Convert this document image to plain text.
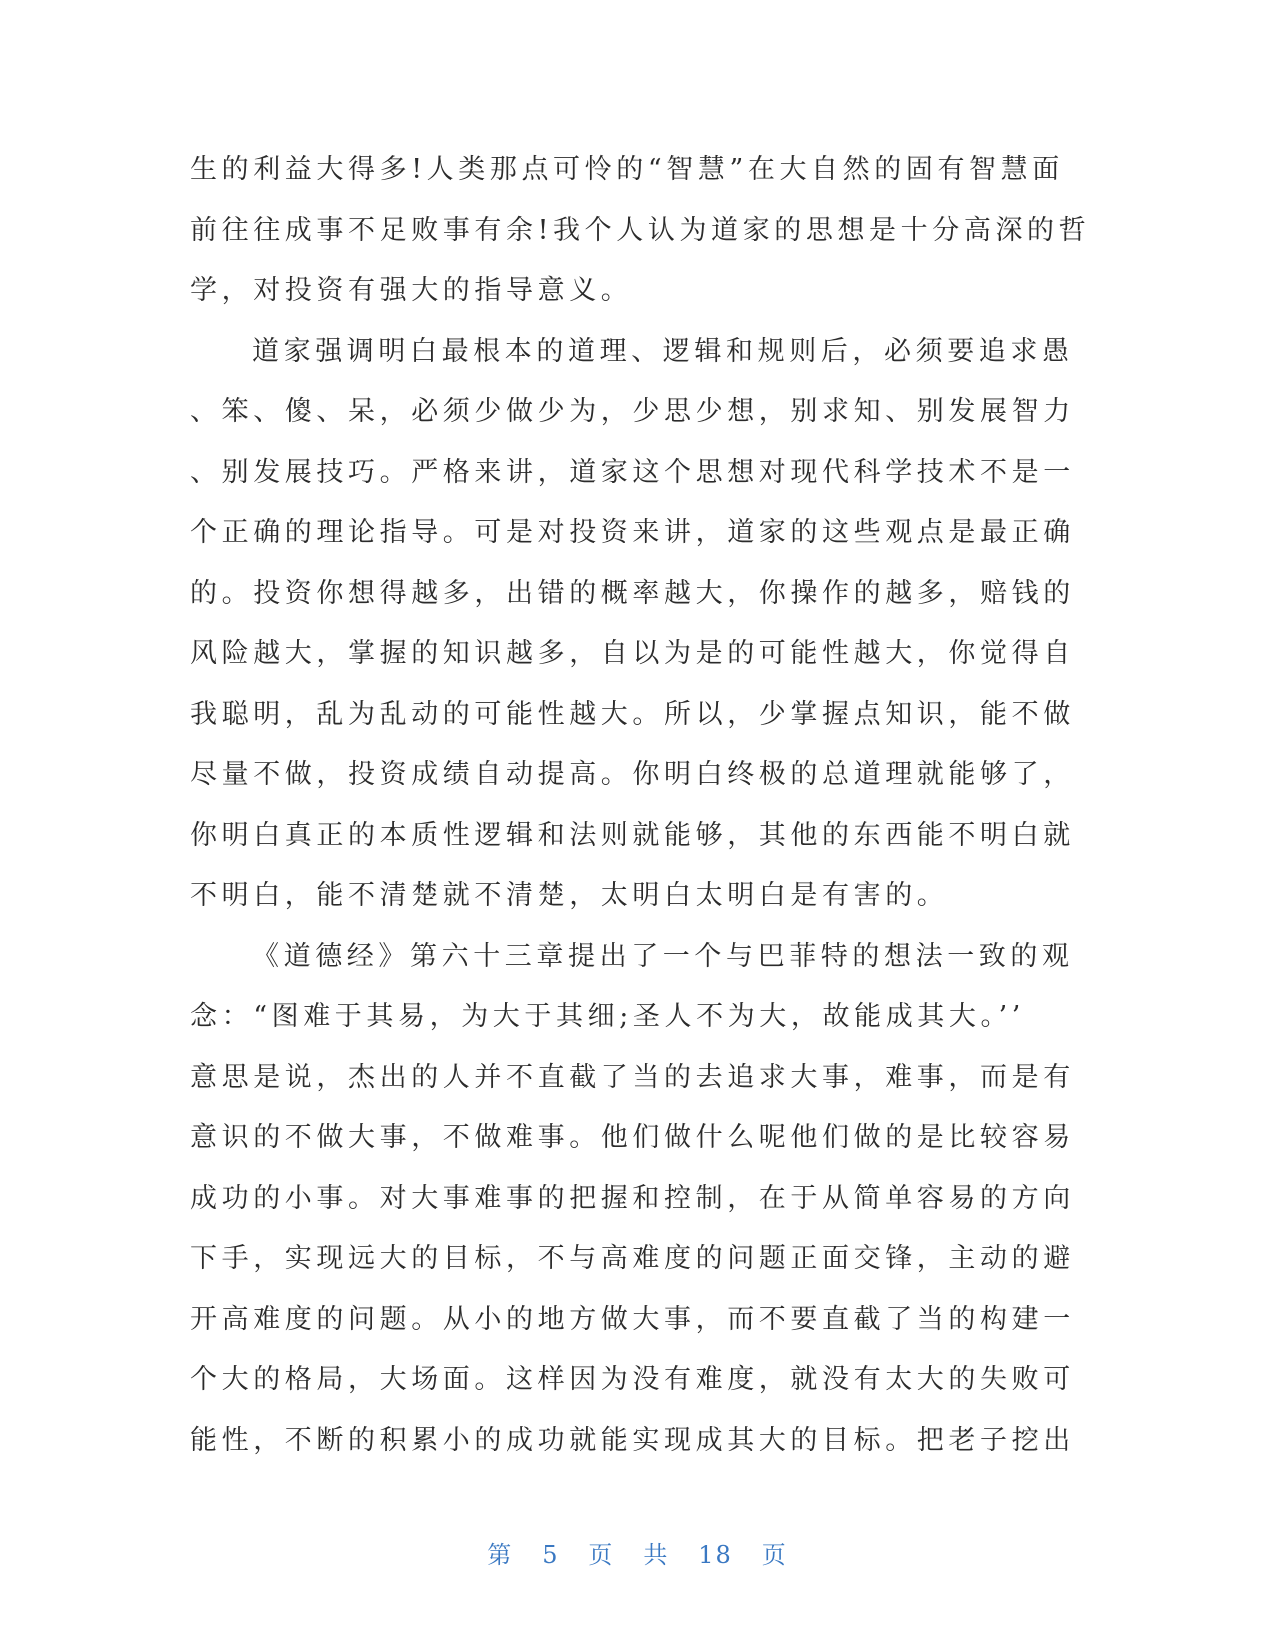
生的利益大得多!人类那点可怜的“智慧”在大自然的固有智慧面
前往往成事不足败事有余!我个人认为道家的思想是十分高深的哲
学，对投资有强大的指导意义。
道家强调明白最根本的道理、逻辑和规则后，必须要追求愚
、笨、傻、呆，必须少做少为，少思少想，别求知、别发展智力
、别发展技巧。严格来讲，道家这个思想对现代科学技术不是一
个正确的理论指导。可是对投资来讲，道家的这些观点是最正确
的。投资你想得越多，出错的概率越大，你操作的越多，赔钱的
风险越大，掌握的知识越多，自以为是的可能性越大，你觉得自
我聪明，乱为乱动的可能性越大。所以，少掌握点知识，能不做
尽量不做，投资成绩自动提高。你明白终极的总道理就能够了，
你明白真正的本质性逻辑和法则就能够，其他的东西能不明白就
不明白，能不清楚就不清楚，太明白太明白是有害的。
《道德经》第六十三章提出了一个与巴菲特的想法一致的观
念：“图难于其易，为大于其细;圣人不为大，故能成其大。’’
意思是说，杰出的人并不直截了当的去追求大事，难事，而是有
意识的不做大事，不做难事。他们做什么呢他们做的是比较容易
成功的小事。对大事难事的把握和控制，在于从简单容易的方向
下手，实现远大的目标，不与高难度的问题正面交锋，主动的避
开高难度的问题。从小的地方做大事，而不要直截了当的构建一
个大的格局，大场面。这样因为没有难度，就没有太大的失败可
能性，不断的积累小的成功就能实现成其大的目标。把老子挖出
第 5 页 共 18 页
